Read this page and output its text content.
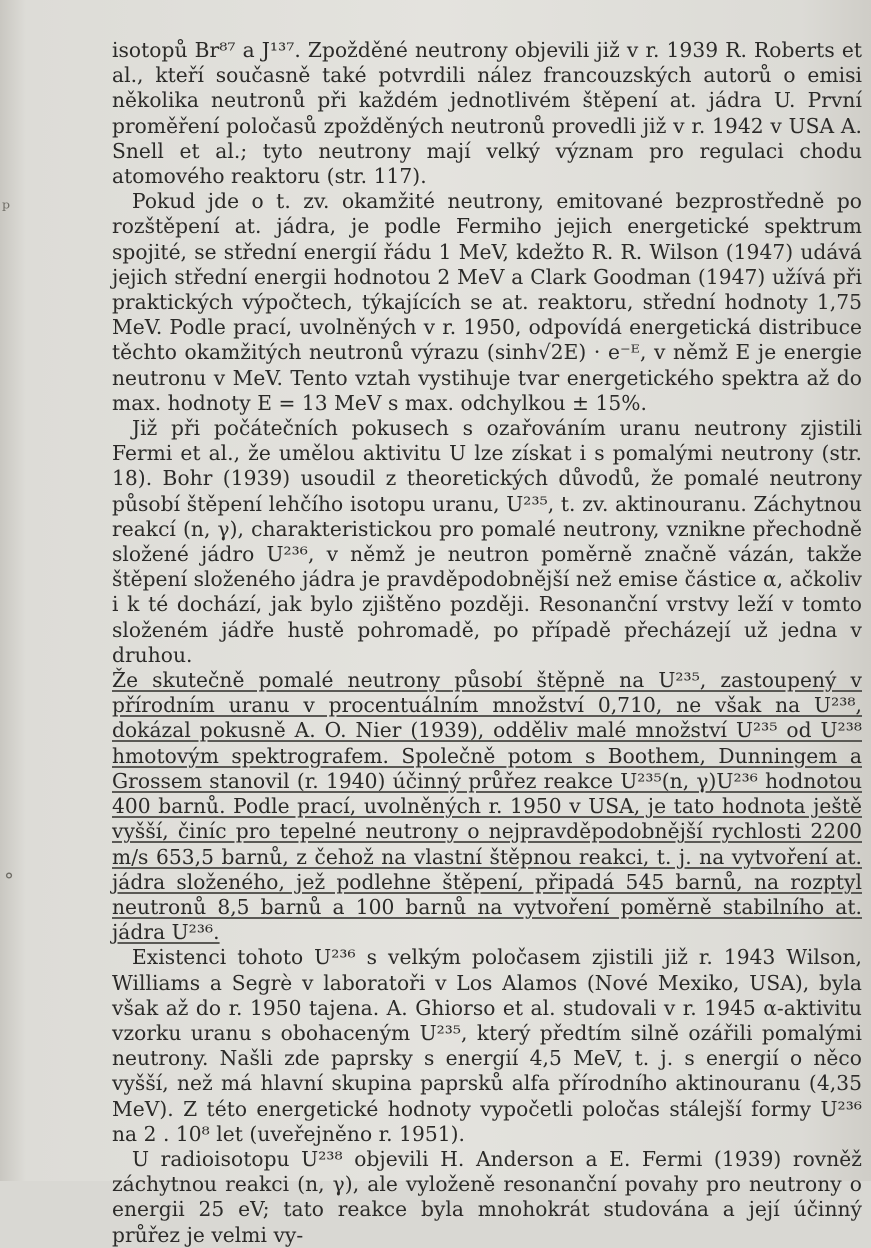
ᵖ
°

isotopů Br⁸⁷ a J¹³⁷. Zpožděné neutrony objevili již v r. 1939 R. Roberts et al., kteří současně také potvrdili nález francouzských autorů o emisi několika neutronů při každém jednotlivém štěpení at. jádra U. První proměření poločasů zpožděných neutronů provedli již v r. 1942 v USA A. Snell et al.; tyto neutrony mají velký význam pro regulaci chodu atomového reaktoru (str. 117).

Pokud jde o t. zv. okamžité neutrony, emitované bezprostředně po rozštěpení at. jádra, je podle Fermiho jejich energetické spektrum spojité, se střední energií řádu 1 MeV, kdežto R. R. Wilson (1947) udává jejich střední energii hodnotou 2 MeV a Clark Goodman (1947) užívá při praktických výpočtech, týkajících se at. reaktoru, střední hodnoty 1,75 MeV. Podle prací, uvolněných v r. 1950, odpovídá energetická distribuce těchto okamžitých neutronů výrazu (sinh√2E) · e⁻ᴱ, v němž E je energie neutronu v MeV. Tento vztah vystihuje tvar energetického spektra až do max. hodnoty E = 13 MeV s max. odchylkou ± 15%.

Již při počátečních pokusech s ozařováním uranu neutrony zjistili Fermi et al., že umělou aktivitu U lze získat i s pomalými neutrony (str. 18). Bohr (1939) usoudil z theoretických důvodů, že pomalé neutrony působí štěpení lehčího isotopu uranu, U²³⁵, t. zv. aktinouranu. Záchytnou reakcí (n, γ), charakteristickou pro pomalé neutrony, vznikne přechodně složené jádro U²³⁶, v němž je neutron poměrně značně vázán, takže štěpení složeného jádra je pravděpodobnější než emise částice α, ačkoliv i k té dochází, jak bylo zjištěno později. Resonanční vrstvy leží v tomto složeném jádře hustě pohromadě, po případě přecházejí už jedna v druhou.

Že skutečně pomalé neutrony působí štěpně na U²³⁵, zastoupený v přírodním uranu v procentuálním množství 0,710, ne však na U²³⁸, dokázal pokusně A. O. Nier (1939), odděliv malé množství U²³⁵ od U²³⁸ hmotovým spektrografem. Společně potom s Boothem, Dunningem a Grossem stanovil (r. 1940) účinný průřez reakce U²³⁵(n, γ)U²³⁶ hodnotou 400 barnů. Podle prací, uvolněných r. 1950 v USA, je tato hodnota ještě vyšší, činíc pro tepelné neutrony o nejpravděpodobnější rychlosti 2200 m/s 653,5 barnů, z čehož na vlastní štěpnou reakci, t. j. na vytvoření at. jádra složeného, jež podlehne štěpení, připadá 545 barnů, na rozptyl neutronů 8,5 barnů a 100 barnů na vytvoření poměrně stabilního at. jádra U²³⁶.

Existenci tohoto U²³⁶ s velkým poločasem zjistili již r. 1943 Wilson, Williams a Segrè v laboratoři v Los Alamos (Nové Mexiko, USA), byla však až do r. 1950 tajena. A. Ghiorso et al. studovali v r. 1945 α-aktivitu vzorku uranu s obohaceným U²³⁵, který předtím silně ozářili pomalými neutrony. Našli zde paprsky s energií 4,5 MeV, t. j. s energií o něco vyšší, než má hlavní skupina paprsků alfa přírodního aktinouranu (4,35 MeV). Z této energetické hodnoty vypočetli poločas stálejší formy U²³⁶ na 2 . 10⁸ let (uveřejněno r. 1951).

U radioisotopu U²³⁸ objevili H. Anderson a E. Fermi (1939) rovněž záchytnou reakci (n, γ), ale vyloženě resonanční povahy pro neutrony o energii 25 eV; tato reakce byla mnohokrát studována a její účinný průřez je velmi vy-
